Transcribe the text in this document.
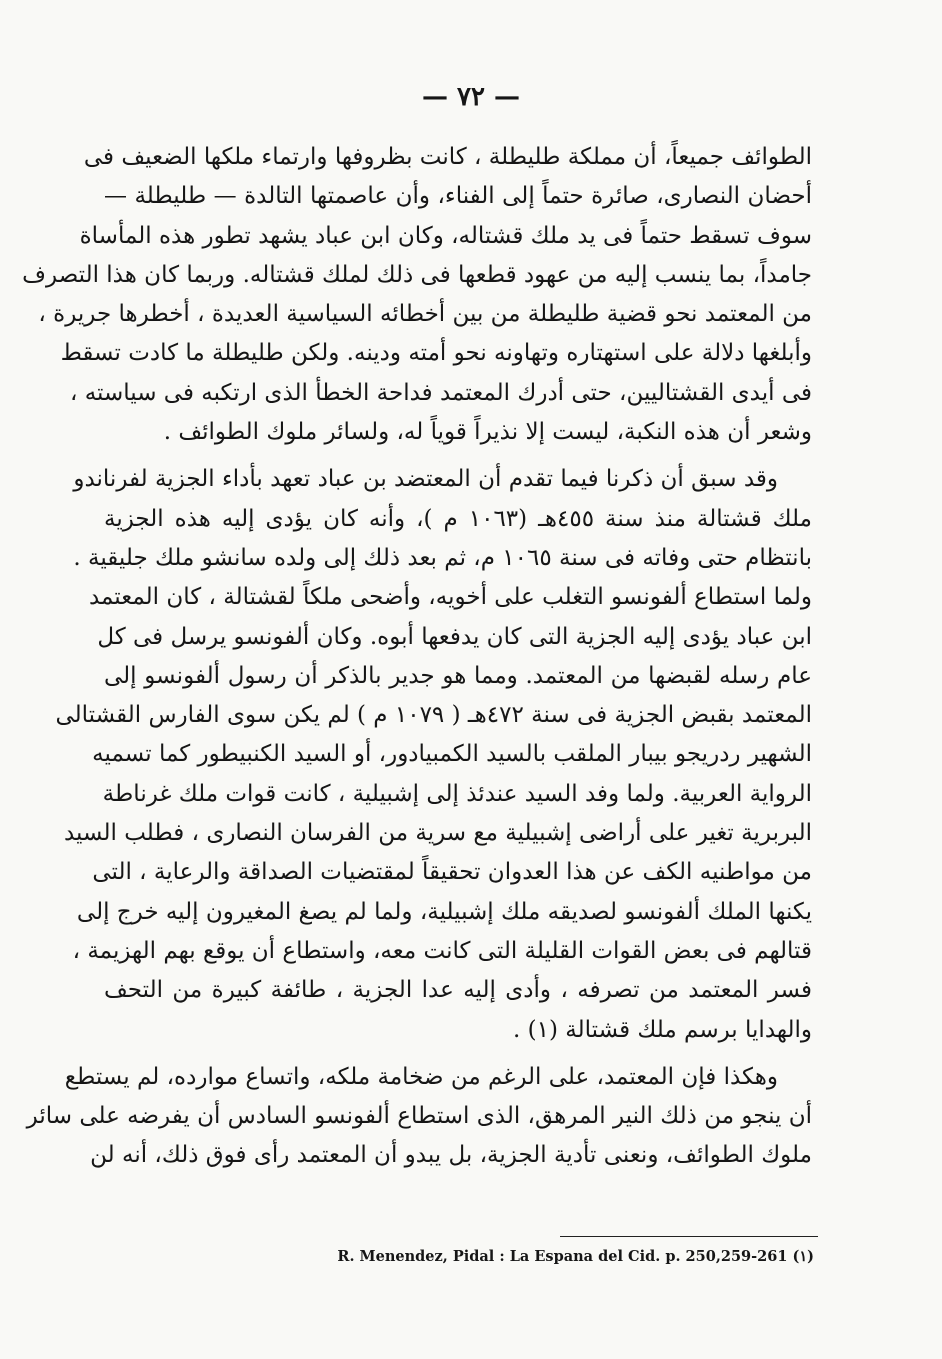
— ٧٢ —
الطوائف جميعاً، أن مملكة طليطلة ، كانت بظروفها وارتماء ملكها الضعيف فى
أحضان النصارى، صائرة حتماً إلى الفناء، وأن عاصمتها التالدة — طليطلة —
سوف تسقط حتماً فى يد ملك قشتاله، وكان ابن عباد يشهد تطور هذه المأساة
جامداً، بما ينسب إليه من عهود قطعها فى ذلك لملك قشتاله. وربما كان هذا التصرف
من المعتمد نحو قضية طليطلة من بين أخطائه السياسية العديدة ، أخطرها جريرة ،
وأبلغها دلالة على استهتاره وتهاونه نحو أمته ودينه. ولكن طليطلة ما كادت تسقط
فى أيدى القشتاليين، حتى أدرك المعتمد فداحة الخطأ الذى ارتكبه فى سياسته ،
وشعر أن هذه النكبة، ليست إلا نذيراً قوياً له، ولسائر ملوك الطوائف .
وقد سبق أن ذكرنا فيما تقدم أن المعتضد بن عباد تعهد بأداء الجزية لفرناندو
ملك قشتالة منذ سنة ٤٥٥هـ (١٠٦٣ م )، وأنه كان يؤدى إليه هذه الجزية
بانتظام حتى وفاته فى سنة ١٠٦٥ م، ثم بعد ذلك إلى ولده سانشو ملك جليقية .
ولما استطاع ألفونسو التغلب على أخويه، وأضحى ملكاً لقشتالة ، كان المعتمد
ابن عباد يؤدى إليه الجزية التى كان يدفعها أبوه. وكان ألفونسو يرسل فى كل
عام رسله لقبضها من المعتمد. ومما هو جدير بالذكر أن رسول ألفونسو إلى
المعتمد بقبض الجزية فى سنة ٤٧٢هـ ( ١٠٧٩ م ) لم يكن سوى الفارس القشتالى
الشهير ردريجو بيبار الملقب بالسيد الكمبيادور، أو السيد الكنبيطور كما تسميه
الرواية العربية. ولما وفد السيد عندئذ إلى إشبيلية ، كانت قوات ملك غرناطة
البربرية تغير على أراضى إشبيلية مع سرية من الفرسان النصارى ، فطلب السيد
من مواطنيه الكف عن هذا العدوان تحقيقاً لمقتضيات الصداقة والرعاية ، التى
يكنها الملك ألفونسو لصديقه ملك إشبيلية، ولما لم يصغ المغيرون إليه خرج إلى
قتالهم فى بعض القوات القليلة التى كانت معه، واستطاع أن يوقع بهم الهزيمة ،
فسر المعتمد من تصرفه ، وأدى إليه عدا الجزية ، طائفة كبيرة من التحف
والهدايا برسم ملك قشتالة (١) .
وهكذا فإن المعتمد، على الرغم من ضخامة ملكه، واتساع موارده، لم يستطع
أن ينجو من ذلك النير المرهق، الذى استطاع ألفونسو السادس أن يفرضه على سائر
ملوك الطوائف، ونعنى تأدية الجزية، بل يبدو أن المعتمد رأى فوق ذلك، أنه لن
R. Menendez, Pidal : La Espana del Cid. p. 250,259-261 (١)
